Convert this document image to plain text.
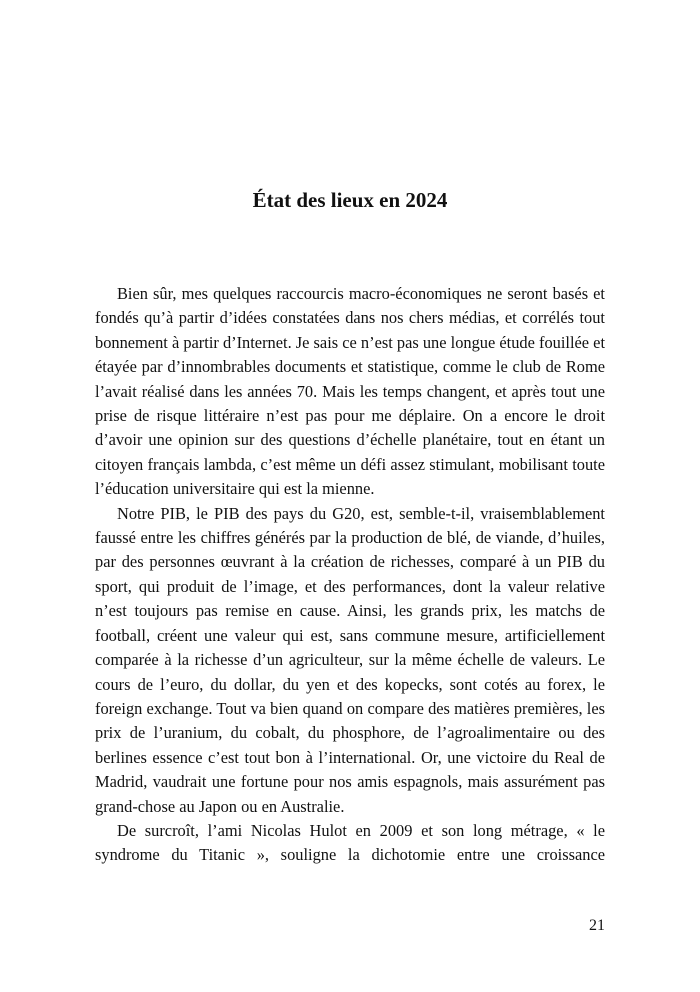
État des lieux en 2024

Bien sûr, mes quelques raccourcis macro-économiques ne seront basés et fondés qu’à partir d’idées constatées dans nos chers médias, et corrélés tout bonnement à partir d’Internet. Je sais ce n’est pas une longue étude fouillée et étayée par d’innombrables documents et statistique, comme le club de Rome l’avait réalisé dans les années 70. Mais les temps changent, et après tout une prise de risque littéraire n’est pas pour me déplaire. On a encore le droit d’avoir une opinion sur des questions d’échelle planétaire, tout en étant un citoyen français lambda, c’est même un défi assez stimulant, mobilisant toute l’éducation universitaire qui est la mienne.

Notre PIB, le PIB des pays du G20, est, semble-t-il, vraisemblablement faussé entre les chiffres générés par la production de blé, de viande, d’huiles, par des personnes œuvrant à la création de richesses, comparé à un PIB du sport, qui produit de l’image, et des performances, dont la valeur relative n’est toujours pas remise en cause. Ainsi, les grands prix, les matchs de football, créent une valeur qui est, sans commune mesure, artificiellement comparée à la richesse d’un agriculteur, sur la même échelle de valeurs. Le cours de l’euro, du dollar, du yen et des kopecks, sont cotés au forex, le foreign exchange. Tout va bien quand on compare des matières premières, les prix de l’uranium, du cobalt, du phosphore, de l’agroalimentaire ou des berlines essence c’est tout bon à l’international. Or, une victoire du Real de Madrid, vaudrait une fortune pour nos amis espagnols, mais assurément pas grand-chose au Japon ou en Australie.

De surcroît, l’ami Nicolas Hulot en 2009 et son long métrage, « le syndrome du Titanic », souligne la dichotomie entre une croissance

21
